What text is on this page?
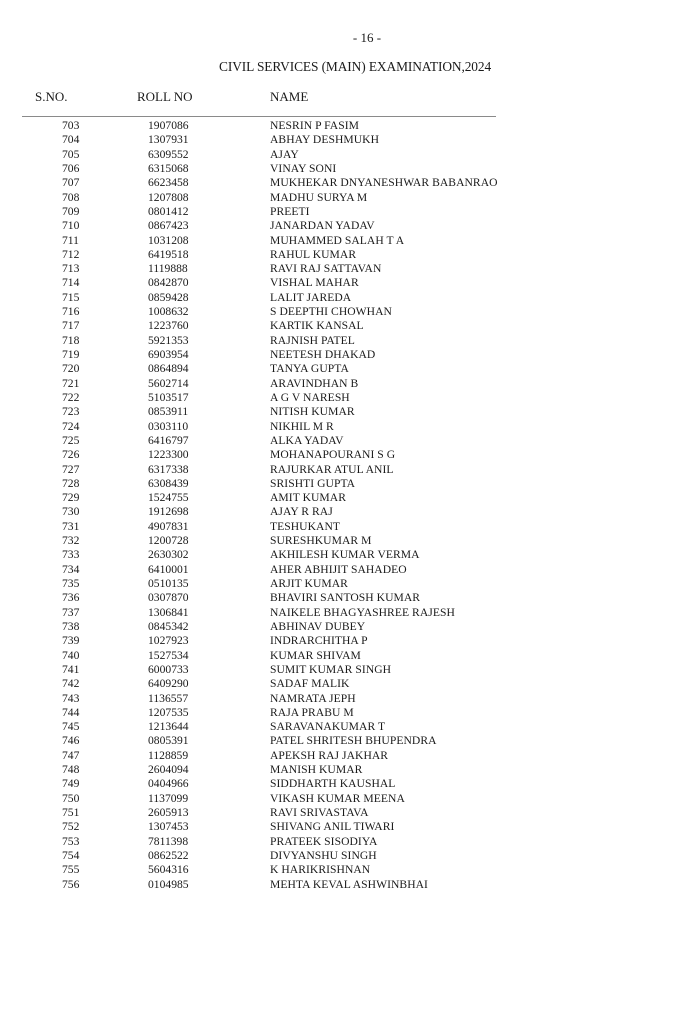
- 16 -
CIVIL SERVICES (MAIN) EXAMINATION,2024
S.NO.	ROLL NO	NAME
703	1907086	NESRIN P FASIM
704	1307931	ABHAY DESHMUKH
705	6309552	AJAY
706	6315068	VINAY SONI
707	6623458	MUKHEKAR DNYANESHWAR BABANRAO
708	1207808	MADHU SURYA M
709	0801412	PREETI
710	0867423	JANARDAN YADAV
711	1031208	MUHAMMED SALAH T A
712	6419518	RAHUL KUMAR
713	1119888	RAVI RAJ SATTAVAN
714	0842870	VISHAL MAHAR
715	0859428	LALIT JAREDA
716	1008632	S DEEPTHI CHOWHAN
717	1223760	KARTIK KANSAL
718	5921353	RAJNISH PATEL
719	6903954	NEETESH DHAKAD
720	0864894	TANYA GUPTA
721	5602714	ARAVINDHAN B
722	5103517	A G V NARESH
723	0853911	NITISH KUMAR
724	0303110	NIKHIL M R
725	6416797	ALKA YADAV
726	1223300	MOHANAPOURANI S G
727	6317338	RAJURKAR ATUL ANIL
728	6308439	SRISHTI GUPTA
729	1524755	AMIT KUMAR
730	1912698	AJAY R RAJ
731	4907831	TESHUKANT
732	1200728	SURESHKUMAR M
733	2630302	AKHILESH KUMAR VERMA
734	6410001	AHER ABHIJIT SAHADEO
735	0510135	ARJIT KUMAR
736	0307870	BHAVIRI SANTOSH KUMAR
737	1306841	NAIKELE BHAGYASHREE RAJESH
738	0845342	ABHINAV DUBEY
739	1027923	INDRARCHITHA P
740	1527534	KUMAR SHIVAM
741	6000733	SUMIT KUMAR SINGH
742	6409290	SADAF MALIK
743	1136557	NAMRATA JEPH
744	1207535	RAJA PRABU M
745	1213644	SARAVANAKUMAR T
746	0805391	PATEL SHRITESH BHUPENDRA
747	1128859	APEKSH RAJ JAKHAR
748	2604094	MANISH KUMAR
749	0404966	SIDDHARTH KAUSHAL
750	1137099	VIKASH KUMAR MEENA
751	2605913	RAVI SRIVASTAVA
752	1307453	SHIVANG ANIL TIWARI
753	7811398	PRATEEK SISODIYA
754	0862522	DIVYANSHU SINGH
755	5604316	K HARIKRISHNAN
756	0104985	MEHTA KEVAL ASHWINBHAI
